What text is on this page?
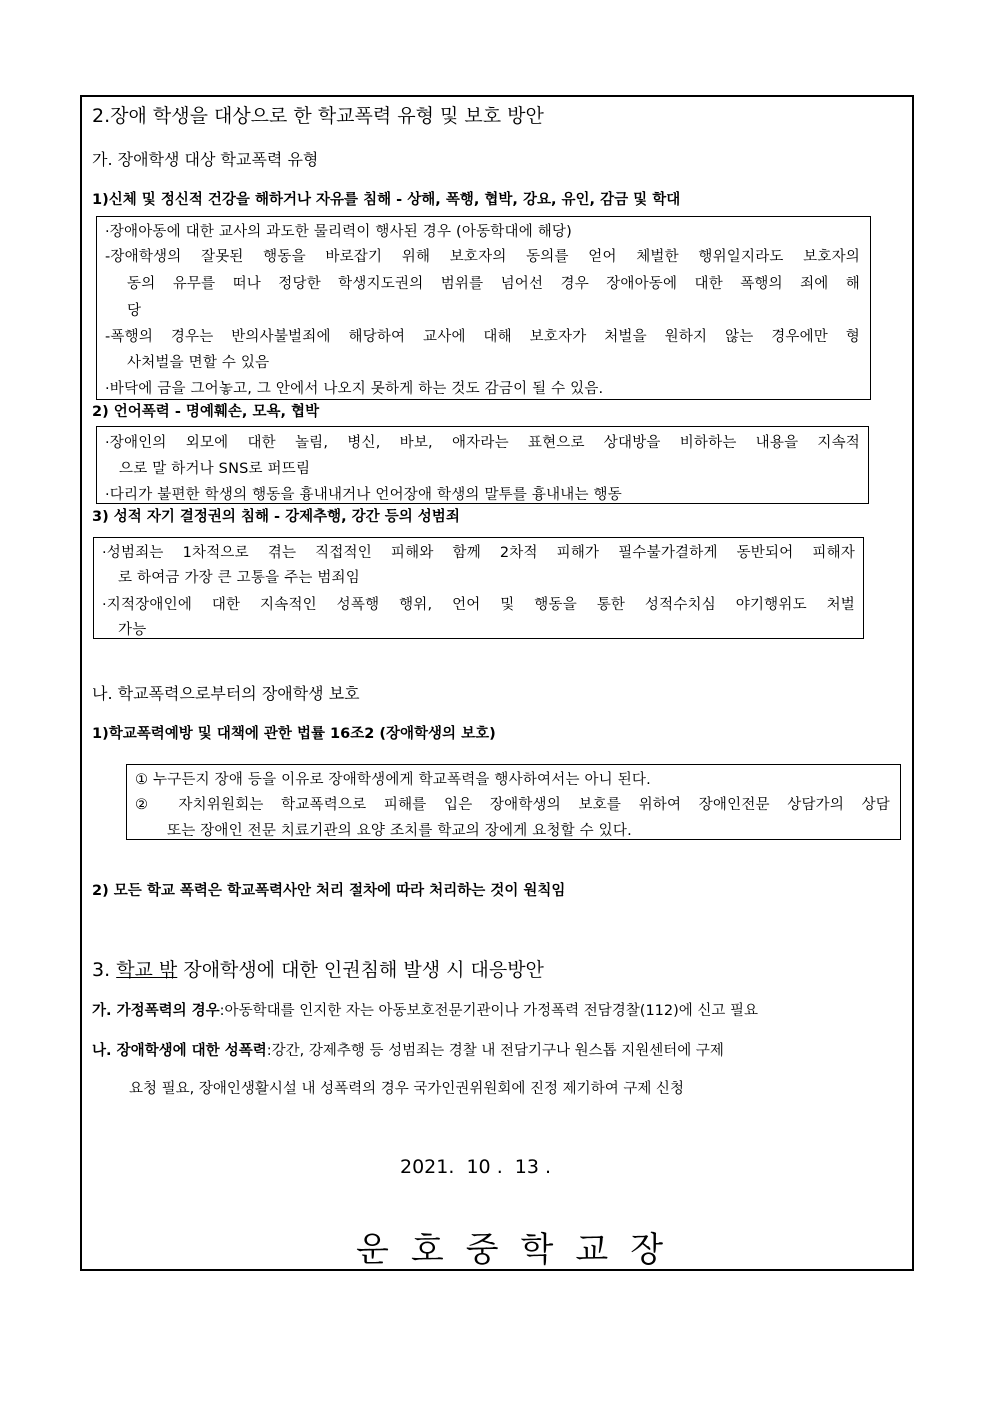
2.장애 학생을 대상으로 한 학교폭력 유형 및 보호 방안
가. 장애학생 대상 학교폭력 유형
1)신체 및 정신적 건강을 해하거나 자유를 침해 - 상해, 폭행, 협박, 강요, 유인, 감금 및 학대
·장애아동에 대한 교사의 과도한 물리력이 행사된 경우 (아동학대에 해당)
-장애학생의 잘못된 행동을 바로잡기 위해 보호자의 동의를 얻어 체벌한 행위일지라도 보호자의
동의 유무를 떠나 정당한 학생지도권의 범위를 넘어선 경우 장애아동에 대한 폭행의 죄에 해
당
-폭행의 경우는 반의사불벌죄에 해당하여 교사에 대해 보호자가 처벌을 원하지 않는 경우에만 형
사처벌을 면할 수 있음
·바닥에 금을 그어놓고, 그 안에서 나오지 못하게 하는 것도 감금이 될 수 있음.
2) 언어폭력 - 명예훼손, 모욕, 협박
·장애인의 외모에 대한 놀림, 병신, 바보, 애자라는 표현으로 상대방을 비하하는 내용을 지속적
으로 말 하거나 SNS로 퍼뜨림
·다리가 불편한 학생의 행동을 흉내내거나 언어장애 학생의 말투를 흉내내는 행동
3) 성적 자기 결정권의 침해 - 강제추행, 강간 등의 성범죄
·성범죄는 1차적으로 겪는 직접적인 피해와 함께 2차적 피해가 필수불가결하게 동반되어 피해자
로 하여금 가장 큰 고통을 주는 범죄임
·지적장애인에 대한 지속적인 성폭행 행위, 언어 및 행동을 통한 성적수치심 야기행위도 처벌
가능
나. 학교폭력으로부터의 장애학생 보호
1)학교폭력예방 및 대책에 관한 법률 16조2 (장애학생의 보호)
① 누구든지 장애 등을 이유로 장애학생에게 학교폭력을 행사하여서는 아니 된다.
② 자치위원회는 학교폭력으로 피해를 입은 장애학생의 보호를 위하여 장애인전문 상담가의 상담
또는 장애인 전문 치료기관의 요양 조치를 학교의 장에게 요청할 수 있다.
2) 모든 학교 폭력은 학교폭력사안 처리 절차에 따라 처리하는 것이 원칙임
3. 학교 밖 장애학생에 대한 인권침해 발생 시 대응방안
가. 가정폭력의 경우:아동학대를 인지한 자는 아동보호전문기관이나 가정폭력 전담경찰(112)에 신고 필요
나. 장애학생에 대한 성폭력:강간, 강제추행 등 성범죄는 경찰 내 전담기구나 원스톱 지원센터에 구제
요청 필요, 장애인생활시설 내 성폭력의 경우 국가인권위원회에 진정 제기하여 구제 신청
2021.  10 .  13 .
운호중학교장
